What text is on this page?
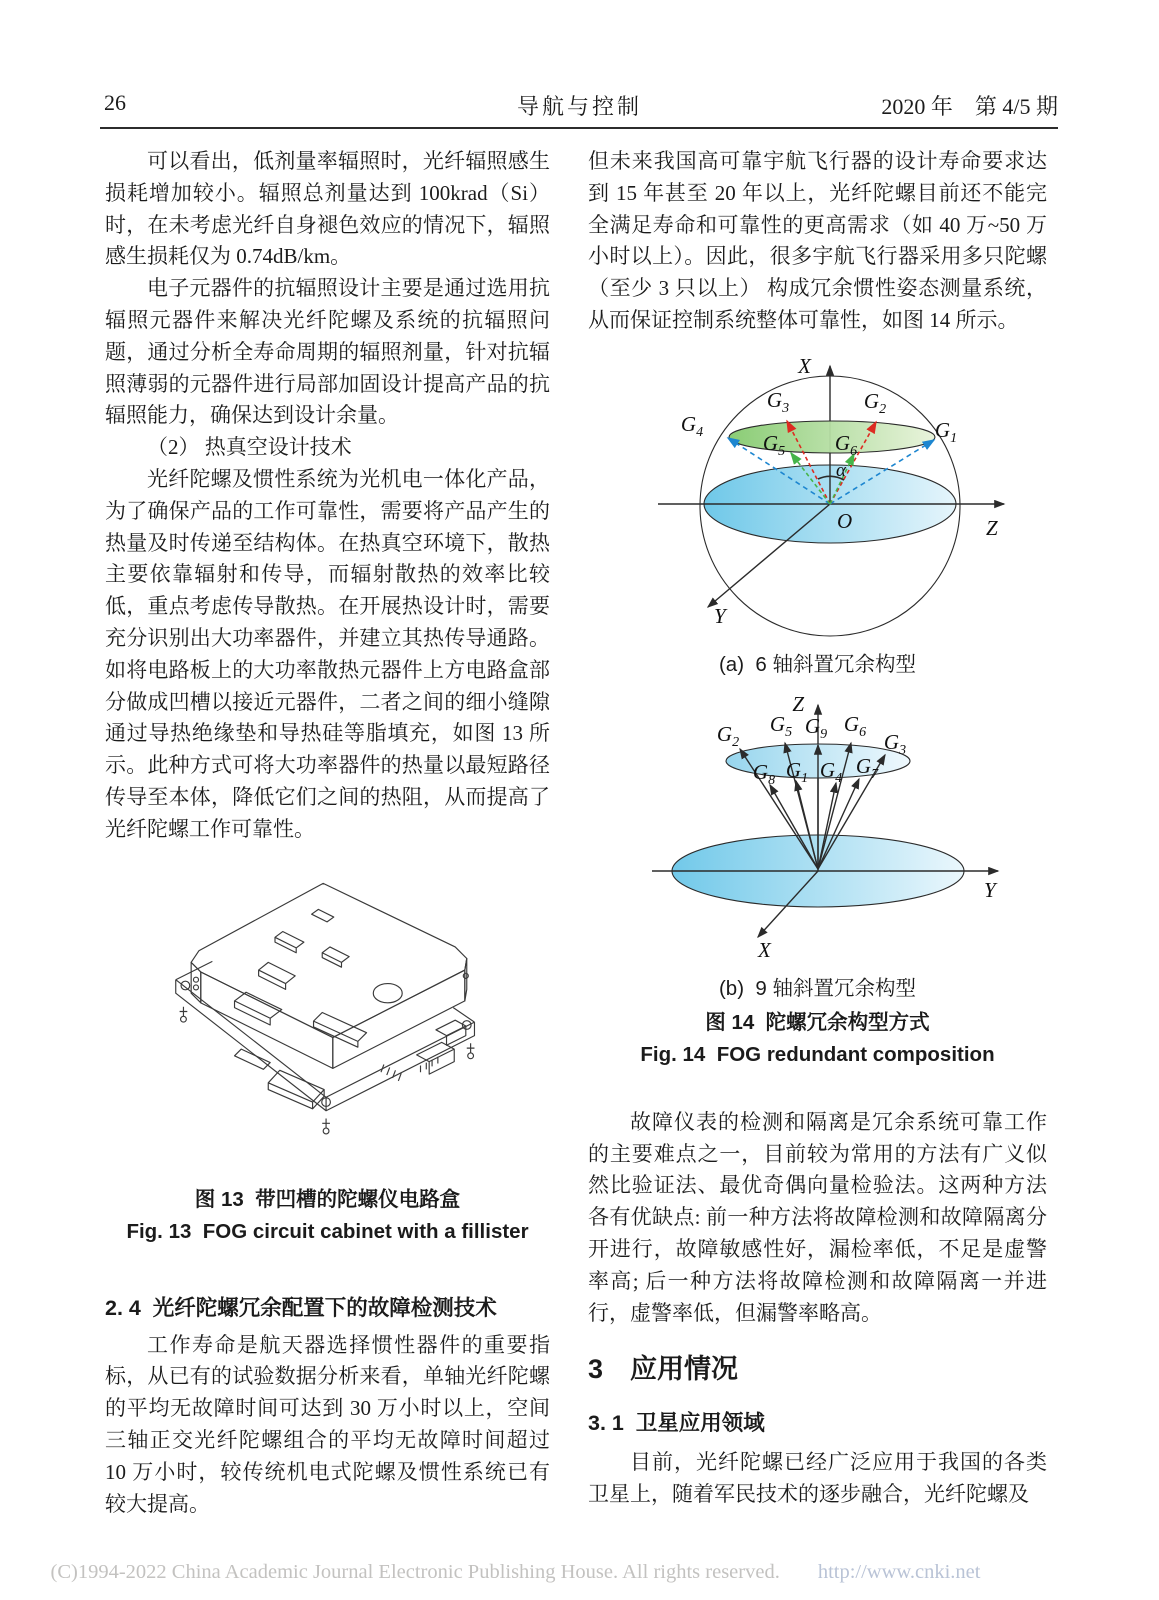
26	导航与控制	2020 年　第 4/5 期

可以看出，低剂量率辐照时，光纤辐照感生损耗增加较小。辐照总剂量达到 100krad（Si） 时，在未考虑光纤自身褪色效应的情况下，辐照感生损耗仅为 0.74dB/km。

电子元器件的抗辐照设计主要是通过选用抗辐照元器件来解决光纤陀螺及系统的抗辐照问题，通过分析全寿命周期的辐照剂量，针对抗辐照薄弱的元器件进行局部加固设计提高产品的抗辐照能力，确保达到设计余量。

（2） 热真空设计技术

光纤陀螺及惯性系统为光机电一体化产品，为了确保产品的工作可靠性，需要将产品产生的热量及时传递至结构体。在热真空环境下，散热主要依靠辐射和传导，而辐射散热的效率比较低，重点考虑传导散热。在开展热设计时，需要充分识别出大功率器件，并建立其热传导通路。如将电路板上的大功率散热元器件上方电路盒部分做成凹槽以接近元器件，二者之间的细小缝隙通过导热绝缘垫和导热硅等脂填充，如图 13 所示。此种方式可将大功率器件的热量以最短路径传导至本体，降低它们之间的热阻，从而提高了光纤陀螺工作可靠性。

图 13  带凹槽的陀螺仪电路盒
Fig. 13  FOG circuit cabinet with a fillister
2. 4  光纤陀螺冗余配置下的故障检测技术

工作寿命是航天器选择惯性器件的重要指标，从已有的试验数据分析来看，单轴光纤陀螺的平均无故障时间可达到 30 万小时以上，空间三轴正交光纤陀螺组合的平均无故障时间超过 10 万小时，较传统机电式陀螺及惯性系统已有较大提高。

但未来我国高可靠宇航飞行器的设计寿命要求达到 15 年甚至 20 年以上，光纤陀螺目前还不能完全满足寿命和可靠性的更高需求（如 40 万~50 万小时以上）。因此，很多宇航飞行器采用多只陀螺（至少 3 只以上） 构成冗余惯性姿态测量系统，从而保证控制系统整体可靠性，如图 14 所示。

X
Z
Y
O
α
$G_1$
$G_2$
$G_3$
$G_4$	$G_5$ $G_6$
(a)  6 轴斜置冗余构型
Z
Y
X
$G_2$
$G_5$ $G_9$ $G_6$ $G_3$
$G_8$ $G_1$ $G_4$
$G_7$
(b)  9 轴斜置冗余构型
图 14  陀螺冗余构型方式
Fig. 14  FOG redundant composition

故障仪表的检测和隔离是冗余系统可靠工作的主要难点之一，目前较为常用的方法有广义似然比验证法、最优奇偶向量检验法。这两种方法各有优缺点: 前一种方法将故障检测和故障隔离分开进行，故障敏感性好，漏检率低，不足是虚警率高; 后一种方法将故障检测和故障隔离一并进行，虚警率低，但漏警率略高。

3　应用情况
3. 1  卫星应用领域

目前，光纤陀螺已经广泛应用于我国的各类卫星上，随着军民技术的逐步融合，光纤陀螺及

(C)1994-2022 China Academic Journal Electronic Publishing House. All rights reserved. http://www.cnki.net
